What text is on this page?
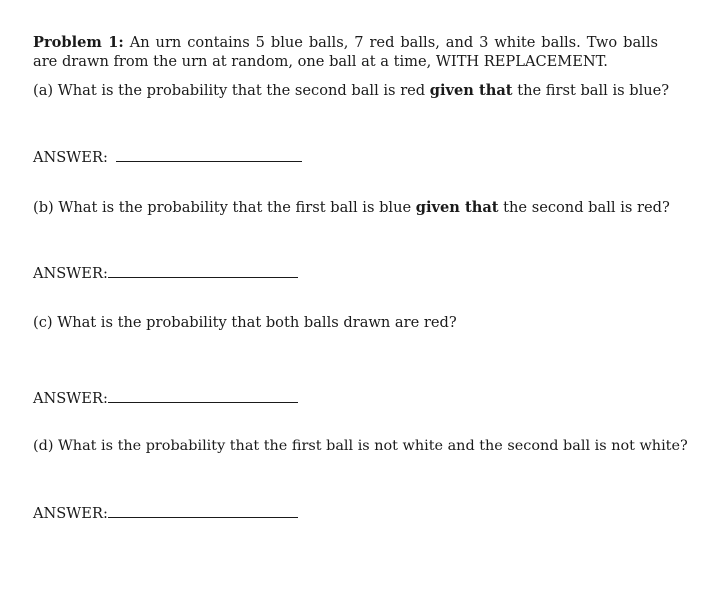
Problem 1: An urn contains 5 blue balls, 7 red balls, and 3 white balls. Two balls are drawn from the urn at random, one ball at a time, WITH REPLACEMENT.
(a) What is the probability that the second ball is red given that the first ball is blue?
ANSWER:
(b) What is the probability that the first ball is blue given that the second ball is red?
ANSWER:
(c) What is the probability that both balls drawn are red?
ANSWER:
(d) What is the probability that the first ball is not white and the second ball is not white?
ANSWER:
